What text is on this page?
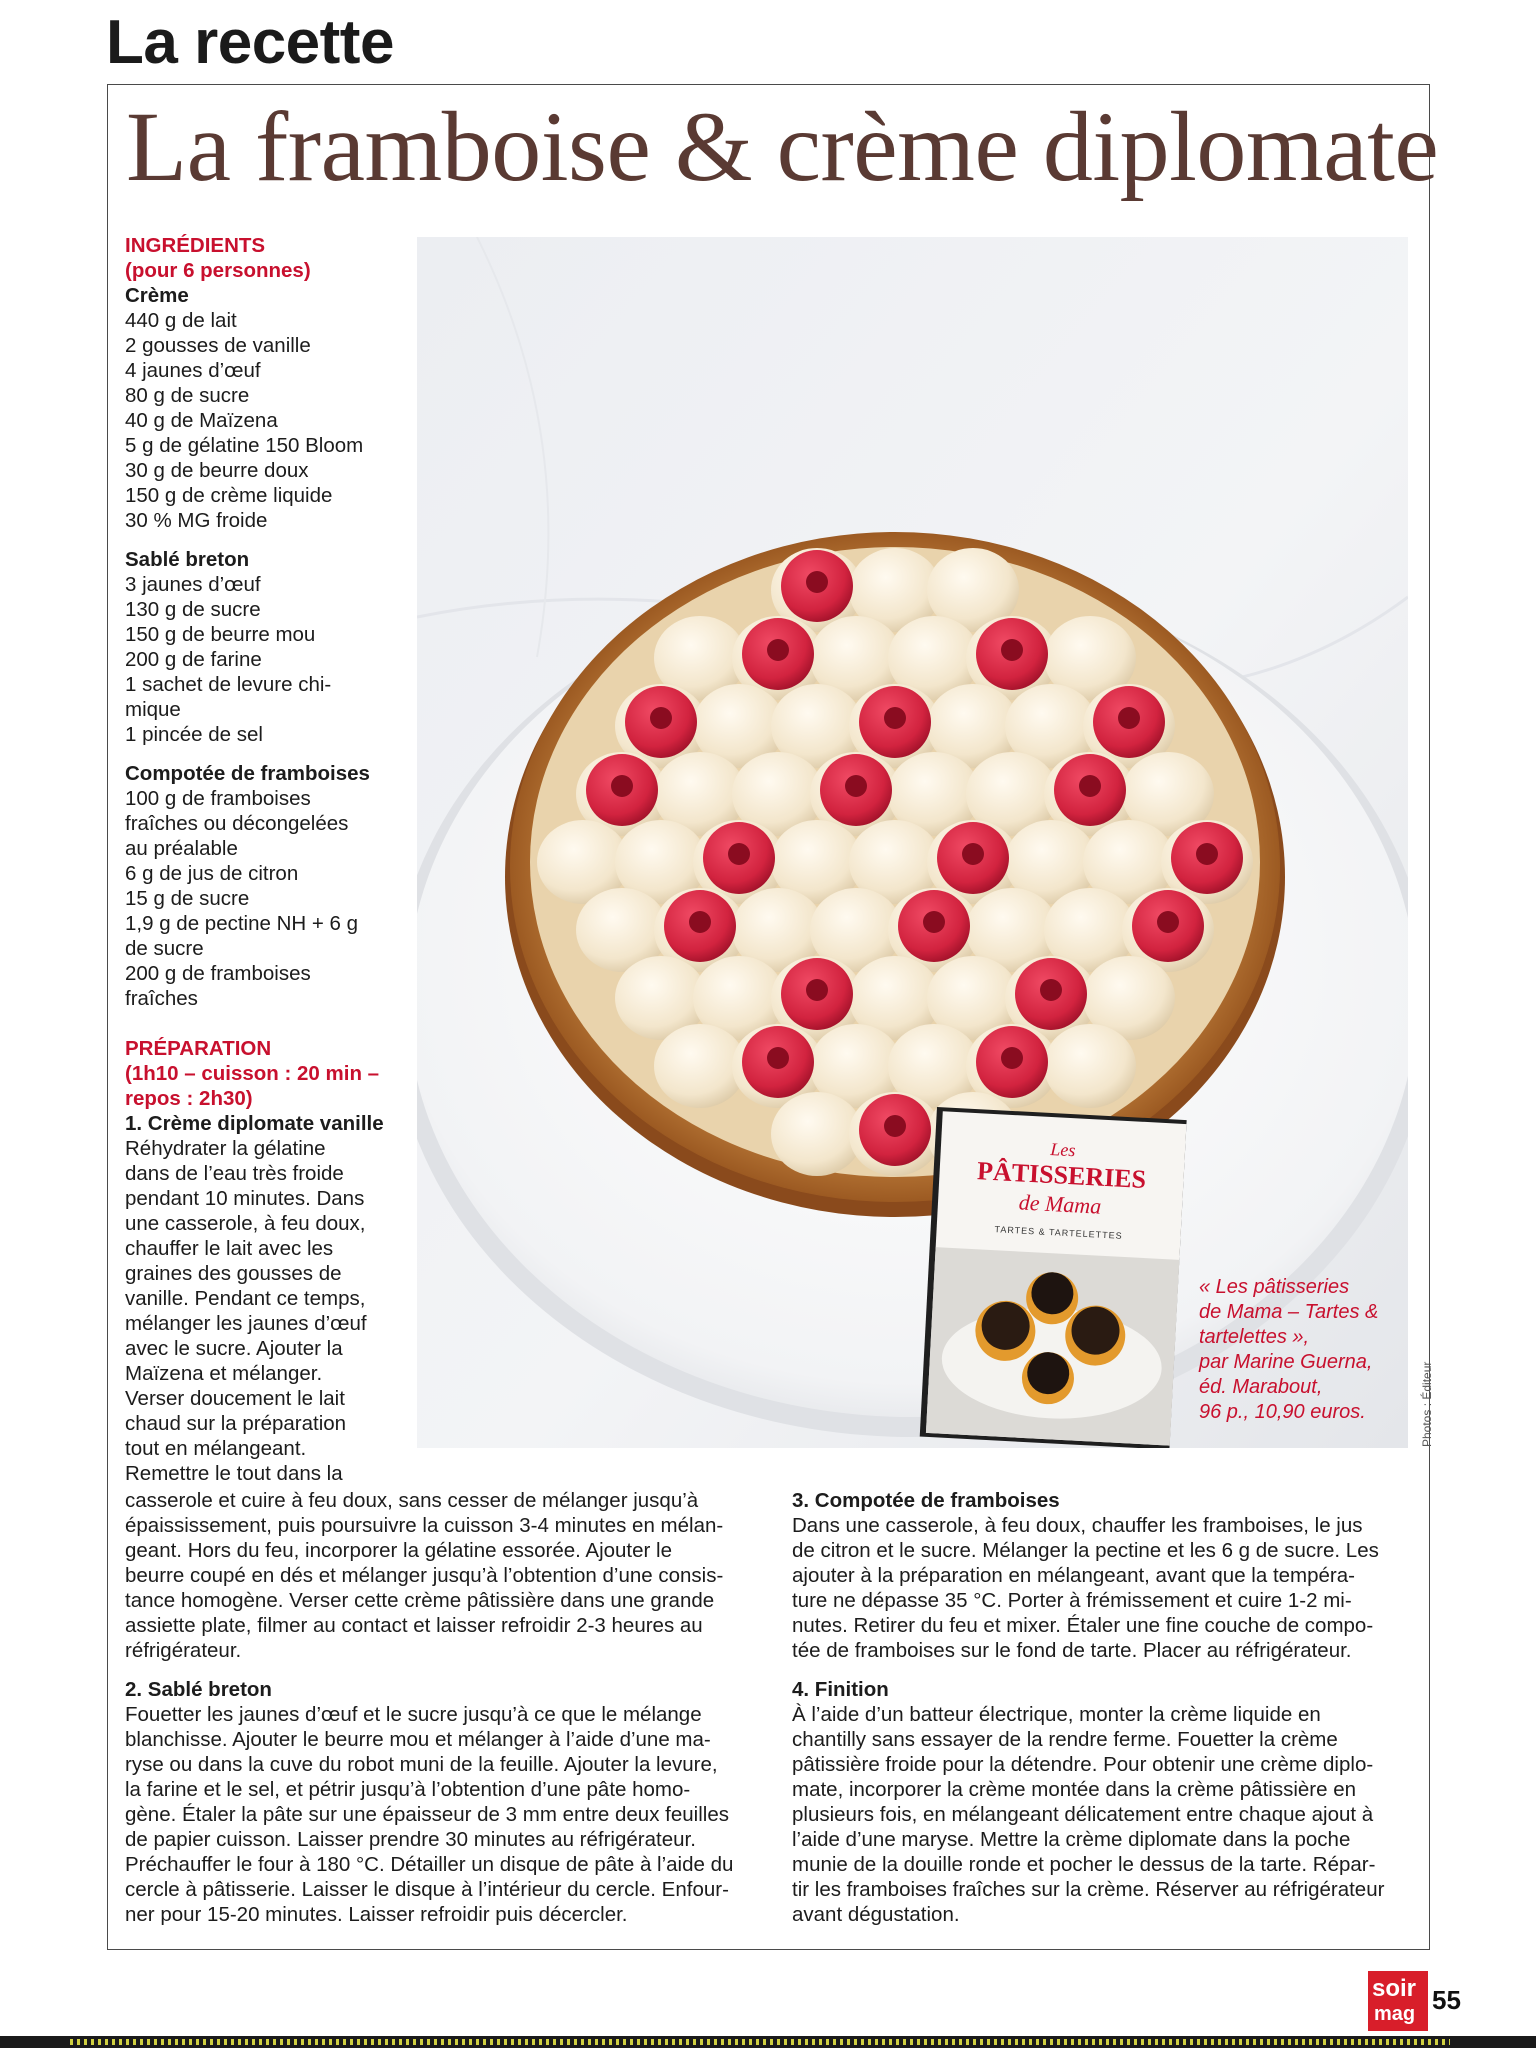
La recette
La framboise & crème diplomate

INGRÉDIENTS

(pour 6 personnes)

Crème

440 g de lait

2 gousses de vanille

4 jaunes d’œuf

80 g de sucre

40 g de Maïzena

5 g de gélatine 150 Bloom

30 g de beurre doux

150 g de crème liquide

30 % MG froide

Sablé breton

3 jaunes d’œuf

130 g de sucre

150 g de beurre mou

200 g de farine

1 sachet de levure chi-

mique

1 pincée de sel

Compotée de framboises

100 g de framboises

fraîches ou décongelées

au préalable

6 g de jus de citron

15 g de sucre

1,9 g de pectine NH + 6 g

de sucre

200 g de framboises

fraîches

PRÉPARATION

(1h10 – cuisson : 20 min –

repos : 2h30)

1. Crème diplomate vanille

Réhydrater la gélatine

dans de l’eau très froide

pendant 10 minutes. Dans

une casserole, à feu doux,

chauffer le lait avec les

graines des gousses de

vanille. Pendant ce temps,

mélanger les jaunes d’œuf

avec le sucre. Ajouter la

Maïzena et mélanger.

Verser doucement le lait

chaud sur la préparation

tout en mélangeant.

Remettre le tout dans la

casserole et cuire à feu doux, sans cesser de mélanger jusqu’à

épaississement, puis poursuivre la cuisson 3-4 minutes en mélan-

geant. Hors du feu, incorporer la gélatine essorée. Ajouter le

beurre coupé en dés et mélanger jusqu’à l’obtention d’une consis-

tance homogène. Verser cette crème pâtissière dans une grande

assiette plate, filmer au contact et laisser refroidir 2-3 heures au

réfrigérateur.

2. Sablé breton

Fouetter les jaunes d’œuf et le sucre jusqu’à ce que le mélange

blanchisse. Ajouter le beurre mou et mélanger à l’aide d’une ma-

ryse ou dans la cuve du robot muni de la feuille. Ajouter la levure,

la farine et le sel, et pétrir jusqu’à l’obtention d’une pâte homo-

gène. Étaler la pâte sur une épaisseur de 3 mm entre deux feuilles

de papier cuisson. Laisser prendre 30 minutes au réfrigérateur.

Préchauffer le four à 180 °C. Détailler un disque de pâte à l’aide du

cercle à pâtisserie. Laisser le disque à l’intérieur du cercle. Enfour-

ner pour 15-20 minutes. Laisser refroidir puis décercler.

3. Compotée de framboises

Dans une casserole, à feu doux, chauffer les framboises, le jus

de citron et le sucre. Mélanger la pectine et les 6 g de sucre. Les

ajouter à la préparation en mélangeant, avant que la tempéra-

ture ne dépasse 35 °C. Porter à frémissement et cuire 1-2 mi-

nutes. Retirer du feu et mixer. Étaler une fine couche de compo-

tée de framboises sur le fond de tarte. Placer au réfrigérateur.

4. Finition

À l’aide d’un batteur électrique, monter la crème liquide en

chantilly sans essayer de la rendre ferme. Fouetter la crème

pâtissière froide pour la détendre. Pour obtenir une crème diplo-

mate, incorporer la crème montée dans la crème pâtissière en

plusieurs fois, en mélangeant délicatement entre chaque ajout à

l’aide d’une maryse. Mettre la crème diplomate dans la poche

munie de la douille ronde et pocher le dessus de la tarte. Répar-

tir les framboises fraîches sur la crème. Réserver au réfrigérateur

avant dégustation.

Les
PÂTISSERIES
de Mama
TARTES & TARTELETTES

« Les pâtisseries

de Mama – Tartes &

tartelettes »,

par Marine Guerna,

éd. Marabout,

96 p., 10,90 euros.	Photos : Éditeur
soir
mag 55
